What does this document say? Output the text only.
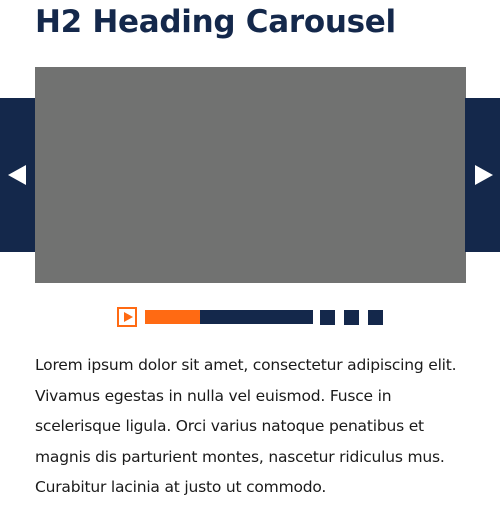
H2 Heading Carousel

Lorem ipsum dolor sit amet, consectetur adipiscing elit. Vivamus egestas in nulla vel euismod. Fusce in scelerisque ligula. Orci varius natoque penatibus et magnis dis parturient montes, nascetur ridiculus mus. Curabitur lacinia at justo ut commodo.
